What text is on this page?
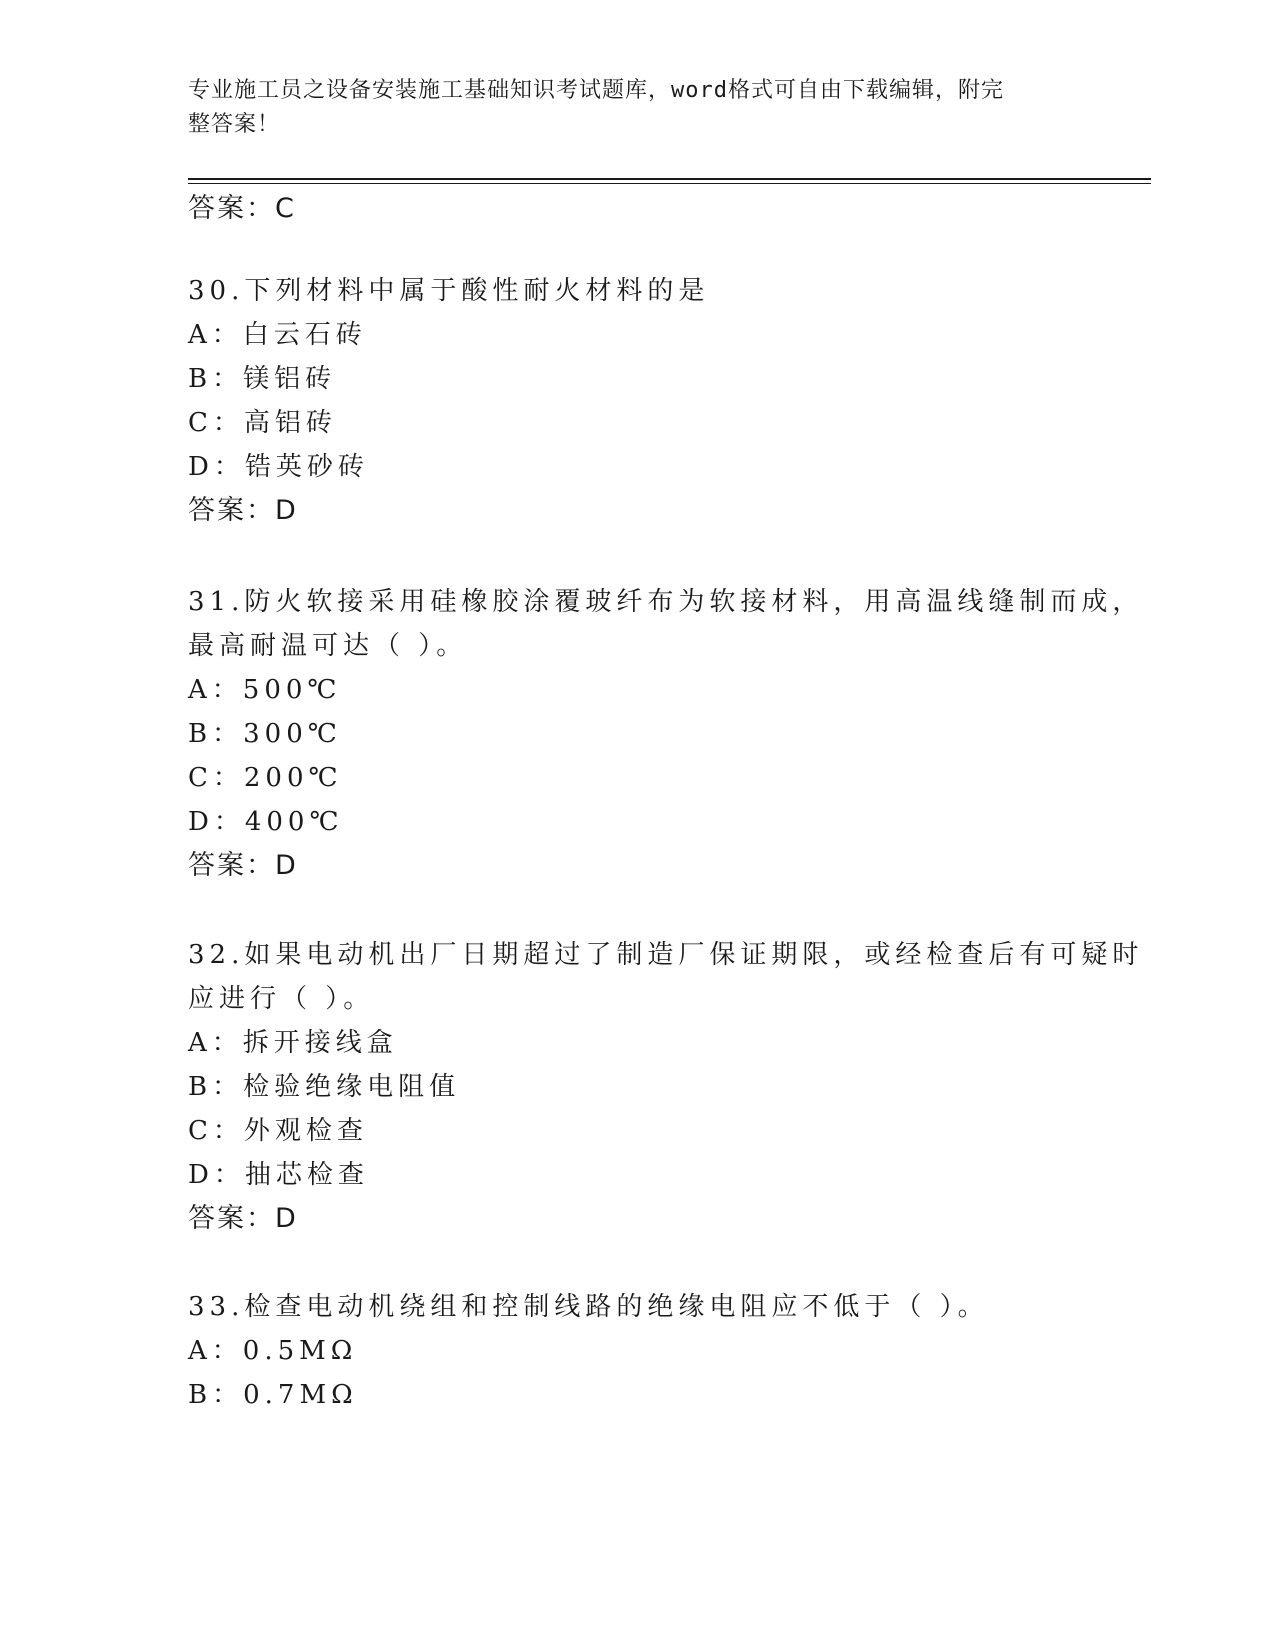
专业施工员之设备安装施工基础知识考试题库，word格式可自由下载编辑，附完
整答案！
答案：C
30.下列材料中属于酸性耐火材料的是
A：白云石砖
B：镁铝砖
C：高铝砖
D：锆英砂砖
答案：D
31.防火软接采用硅橡胶涂覆玻纤布为软接材料，用高温线缝制而成，
最高耐温可达（ ）。
A：500℃
B：300℃
C：200℃
D：400℃
答案：D
32.如果电动机出厂日期超过了制造厂保证期限，或经检查后有可疑时
应进行（ ）。
A：拆开接线盒
B：检验绝缘电阻值
C：外观检查
D：抽芯检查
答案：D
33.检查电动机绕组和控制线路的绝缘电阻应不低于（ ）。
A：0.5MΩ
B：0.7MΩ
